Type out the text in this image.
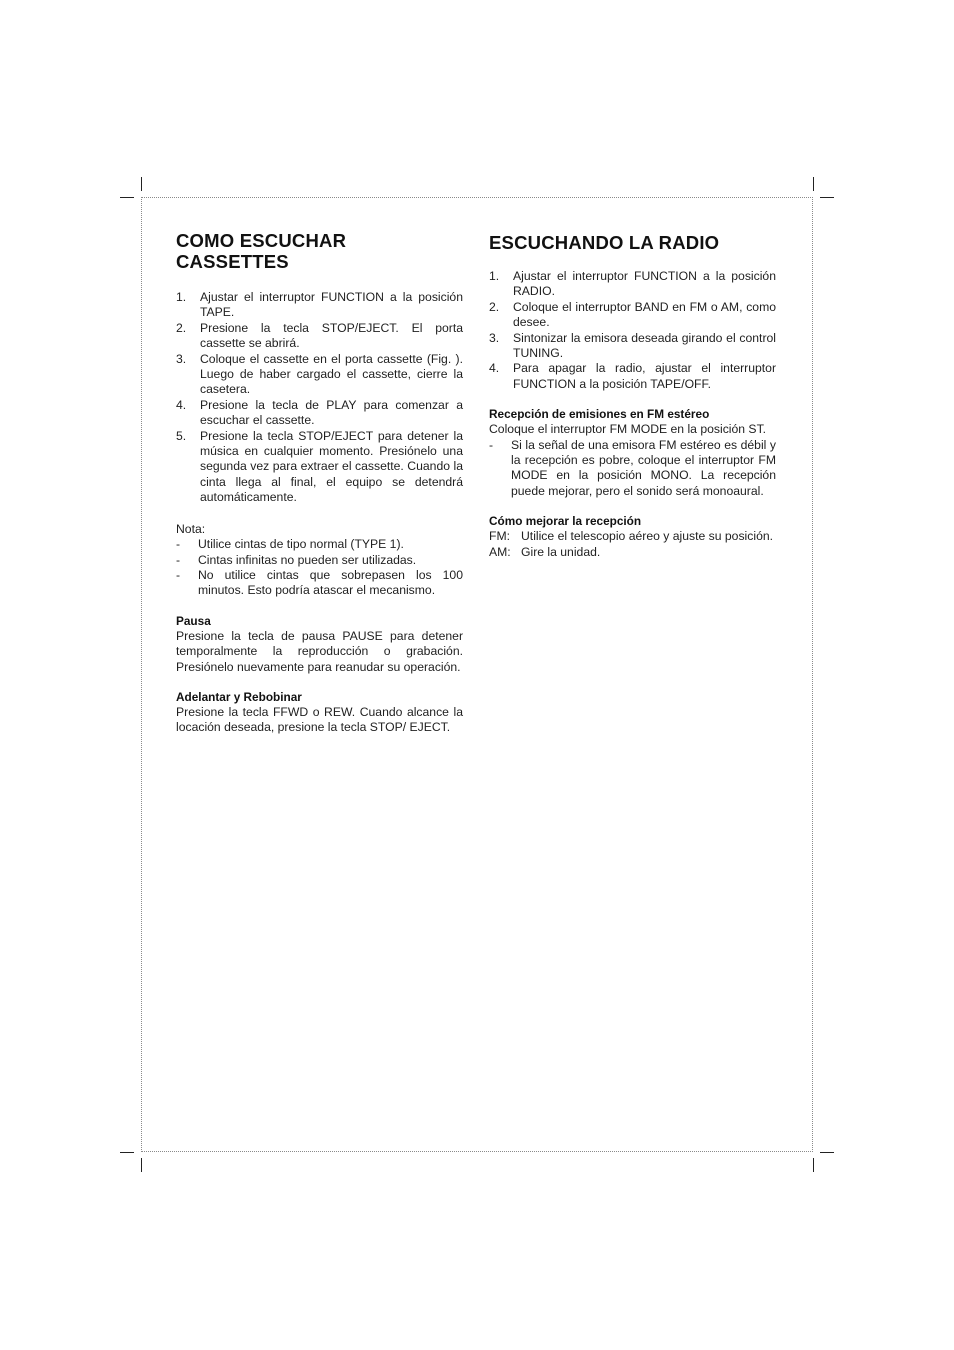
COMO ESCUCHAR CASSETTES
1.	Ajustar el interruptor FUNCTION a la posición TAPE.
2.	Presione la tecla STOP/EJECT. El porta cassette se abrirá.
3.	Coloque el cassette en el porta cassette (Fig. ). Luego de haber cargado el cassette, cierre la casetera.
4.	Presione la tecla de PLAY para comenzar a escuchar el cassette.
5.	Presione la tecla STOP/EJECT para detener la música en cualquier momento. Presiónelo una segunda vez para extraer el cassette. Cuando la cinta llega al final, el equipo se detendrá automáticamente.
Nota:
-	Utilice cintas de tipo normal (TYPE 1).
-	Cintas infinitas no pueden ser utilizadas.
-	No utilice cintas que sobrepasen los 100 minutos. Esto podría atascar el mecanismo.
Pausa
Presione la tecla de pausa PAUSE para detener temporalmente la reproducción o grabación. Presiónelo nuevamente para reanudar su operación.
Adelantar y Rebobinar
Presione la tecla FFWD o REW. Cuando alcance la locación deseada, presione la tecla STOP/ EJECT.
ESCUCHANDO LA RADIO
1.	Ajustar el interruptor FUNCTION a la posición RADIO.
2.	Coloque el interruptor BAND en FM o AM, como desee.
3.	Sintonizar la emisora deseada girando el control TUNING.
4.	Para apagar la radio, ajustar el interruptor FUNCTION a la posición TAPE/OFF.
Recepción de emisiones en FM estéreo
Coloque el interruptor FM MODE en la posición ST.
-	Si la señal de una emisora FM estéreo es débil y la recepción es pobre, coloque el interruptor FM MODE en la posición MONO. La recepción puede mejorar, pero el sonido será monoaural.
Cómo mejorar la recepción
FM: Utilice el telescopio aéreo y ajuste su posición.
AM: Gire la unidad.
